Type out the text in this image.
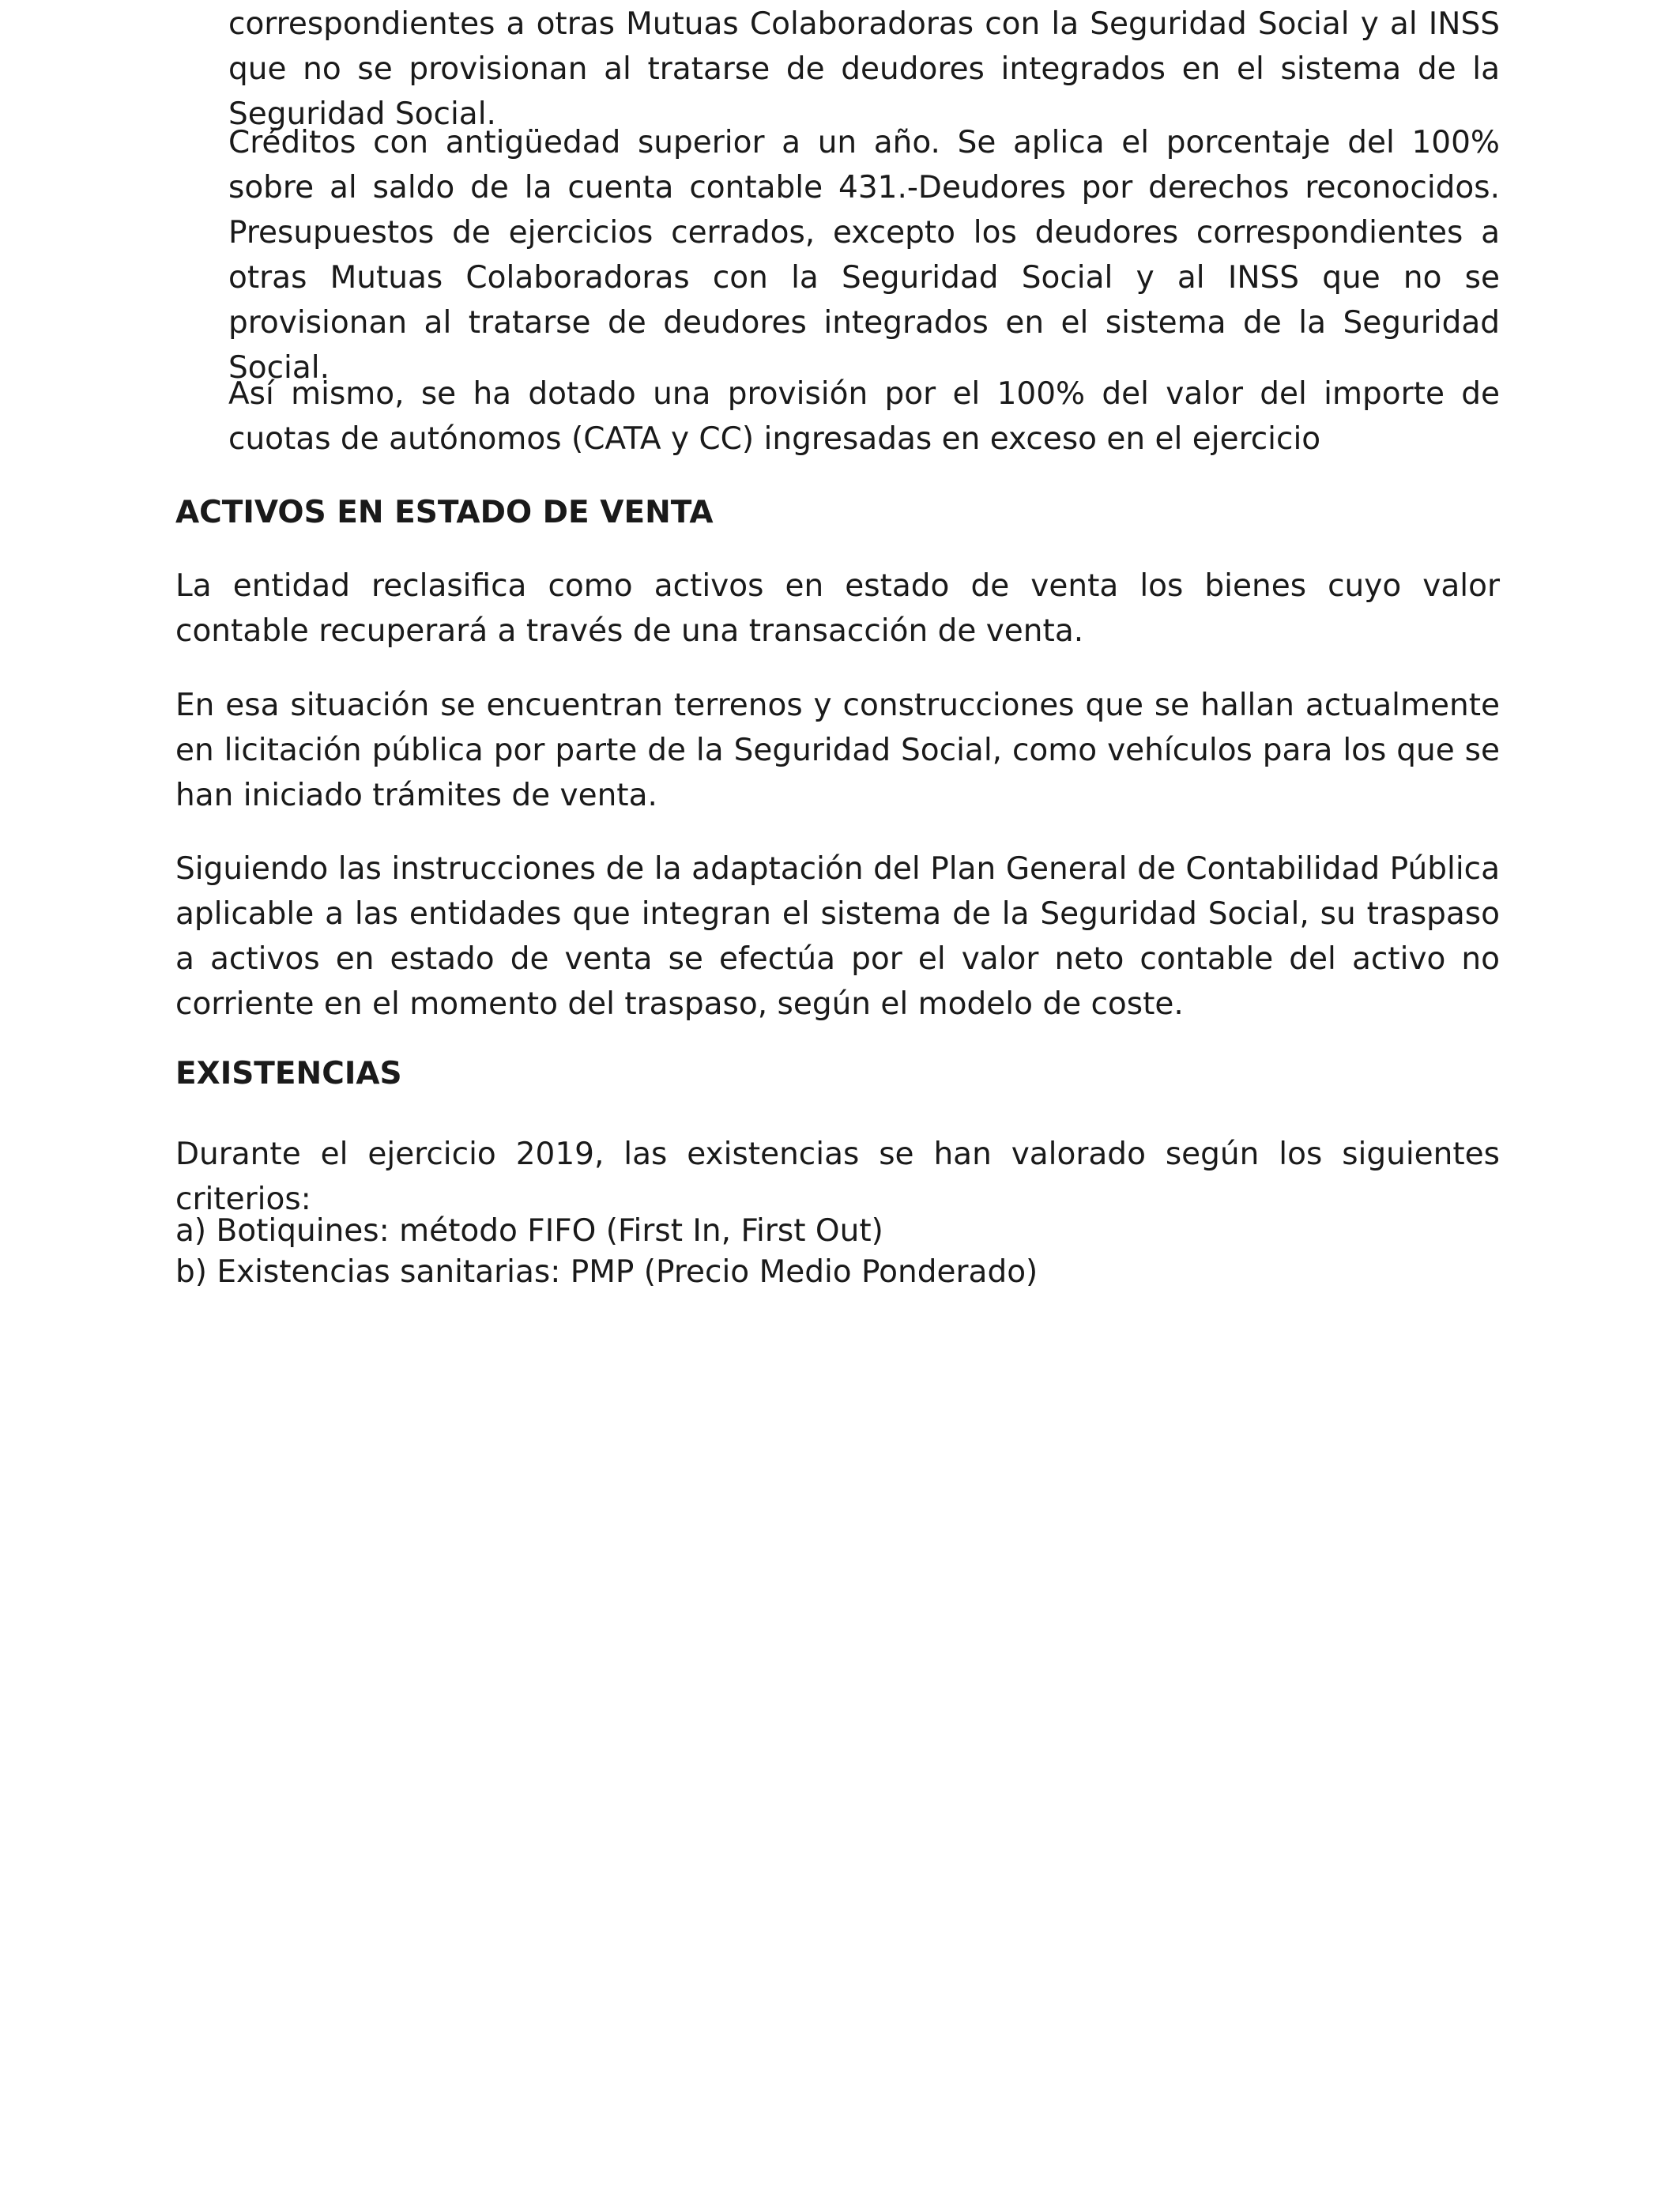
correspondientes a otras Mutuas Colaboradoras con la Seguridad Social y al INSS que no se provisionan al tratarse de deudores integrados en el sistema de la Seguridad Social.

Créditos con antigüedad superior a un año. Se aplica el porcentaje del 100% sobre al saldo de la cuenta contable 431.-Deudores por derechos reconocidos. Presupuestos de ejercicios cerrados, excepto los deudores correspondientes a otras Mutuas Colaboradoras con la Seguridad Social y al INSS que no se provisionan al tratarse de deudores integrados en el sistema de la Seguridad Social.

Así mismo, se ha dotado una provisión por el 100% del valor del importe de cuotas de autónomos (CATA y CC) ingresadas en exceso en el ejercicio

ACTIVOS EN ESTADO DE VENTA

La entidad reclasifica como activos en estado de venta los bienes cuyo valor contable recuperará a través de una transacción de venta.

En esa situación se encuentran terrenos y construcciones que se hallan actualmente en licitación pública por parte de la Seguridad Social, como vehículos para los que se han iniciado trámites de venta.

Siguiendo las instrucciones de la adaptación del Plan General de Contabilidad Pública aplicable a las entidades que integran el sistema de la Seguridad Social, su traspaso a activos en estado de venta se efectúa por el valor neto contable del activo no corriente en el momento del traspaso, según el modelo de coste.

EXISTENCIAS

Durante el ejercicio 2019, las existencias se han valorado según los siguientes criterios:

a) Botiquines: método FIFO (First In, First Out)

b) Existencias sanitarias: PMP (Precio Medio Ponderado)
